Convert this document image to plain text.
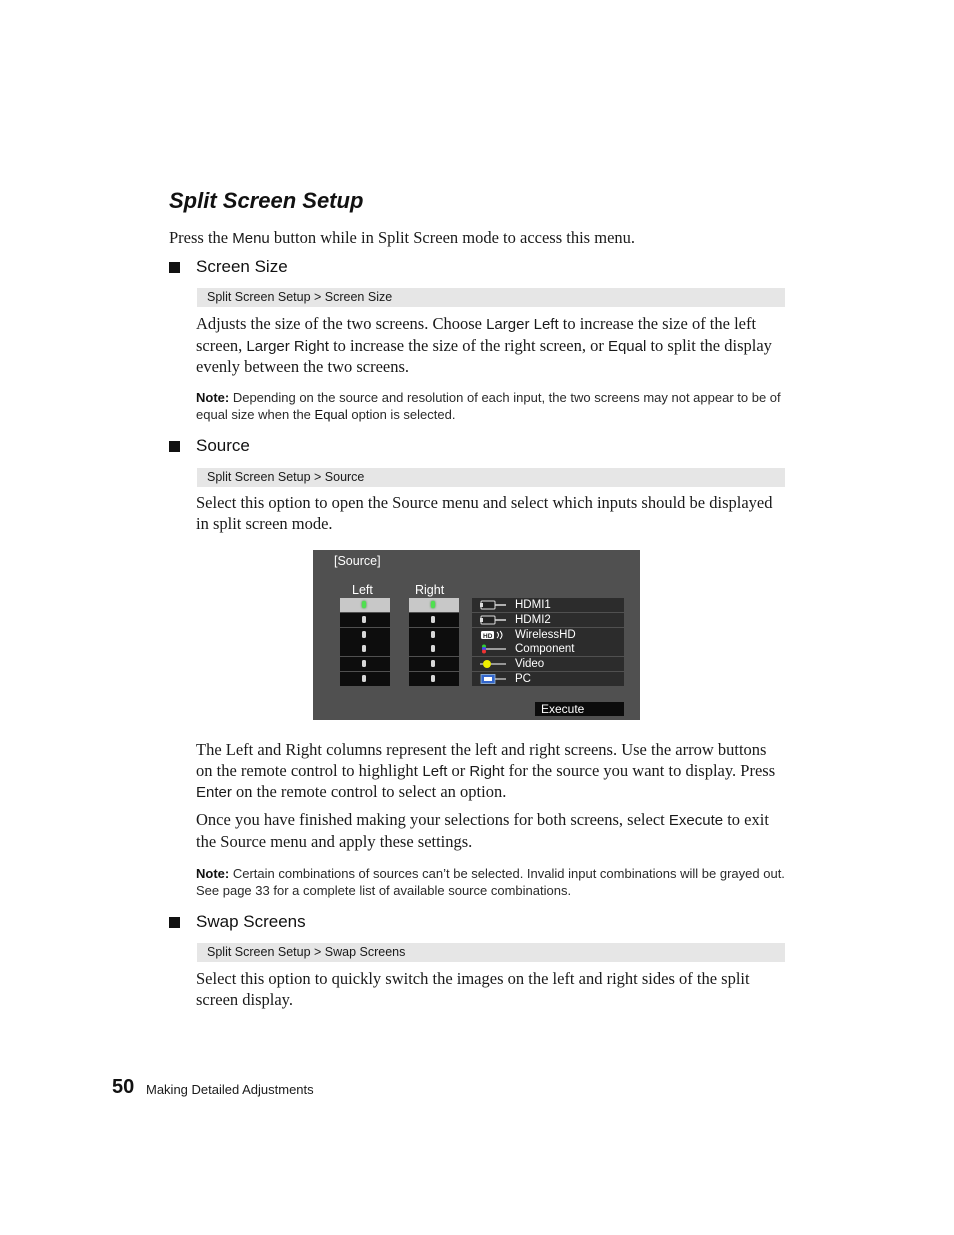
Split Screen Setup
Press the Menu button while in Split Screen mode to access this menu.
Screen Size
Split Screen Setup > Screen Size
Adjusts the size of the two screens. Choose Larger Left to increase the size of the left screen, Larger Right to increase the size of the right screen, or Equal to split the display evenly between the two screens.
Note: Depending on the source and resolution of each input, the two screens may not appear to be of equal size when the Equal option is selected.
Source
Split Screen Setup > Source
Select this option to open the Source menu and select which inputs should be displayed in split screen mode.
[Source]
Left	Right
HDMI1
HDMI2
HD WirelessHD
Component
Video
PC
Execute
The Left and Right columns represent the left and right screens. Use the arrow buttons on the remote control to highlight Left or Right for the source you want to display. Press Enter on the remote control to select an option.
Once you have finished making your selections for both screens, select Execute to exit the Source menu and apply these settings.
Note: Certain combinations of sources can’t be selected. Invalid input combinations will be grayed out. See page 33 for a complete list of available source combinations.
Swap Screens
Split Screen Setup > Swap Screens
Select this option to quickly switch the images on the left and right sides of the split screen display.
50 Making Detailed Adjustments
